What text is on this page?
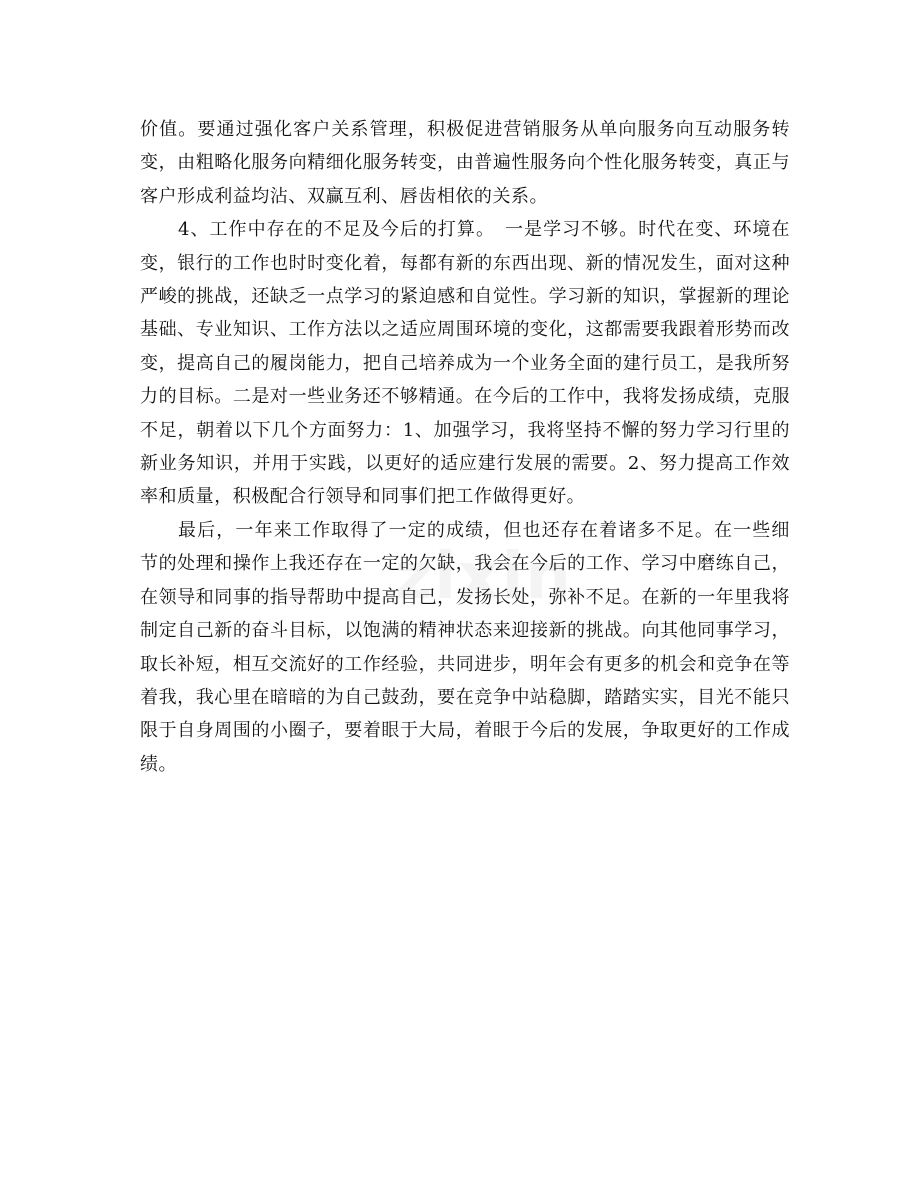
价值。要通过强化客户关系管理，积极促进营销服务从单向服务向互动服务转变，由粗略化服务向精细化服务转变，由普遍性服务向个性化服务转变，真正与客户形成利益均沾、双赢互利、唇齿相依的关系。

4、工作中存在的不足及今后的打算。　一是学习不够。时代在变、环境在变，银行的工作也时时变化着，每都有新的东西出现、新的情况发生，面对这种严峻的挑战，还缺乏一点学习的紧迫感和自觉性。学习新的知识，掌握新的理论基础、专业知识、工作方法以之适应周围环境的变化，这都需要我跟着形势而改变，提高自己的履岗能力，把自己培养成为一个业务全面的建行员工，是我所努力的目标。二是对一些业务还不够精通。在今后的工作中，我将发扬成绩，克服不足，朝着以下几个方面努力：1、加强学习，我将坚持不懈的努力学习行里的新业务知识，并用于实践，以更好的适应建行发展的需要。2、努力提高工作效率和质量，积极配合行领导和同事们把工作做得更好。

最后，一年来工作取得了一定的成绩，但也还存在着诸多不足。在一些细节的处理和操作上我还存在一定的欠缺，我会在今后的工作、学习中磨练自己，在领导和同事的指导帮助中提高自己，发扬长处，弥补不足。在新的一年里我将制定自己新的奋斗目标，以饱满的精神状态来迎接新的挑战。向其他同事学习，取长补短，相互交流好的工作经验，共同进步，明年会有更多的机会和竞争在等着我，我心里在暗暗的为自己鼓劲，要在竞争中站稳脚，踏踏实实，目光不能只限于自身周围的小圈子，要着眼于大局，着眼于今后的发展，争取更好的工作成绩。
